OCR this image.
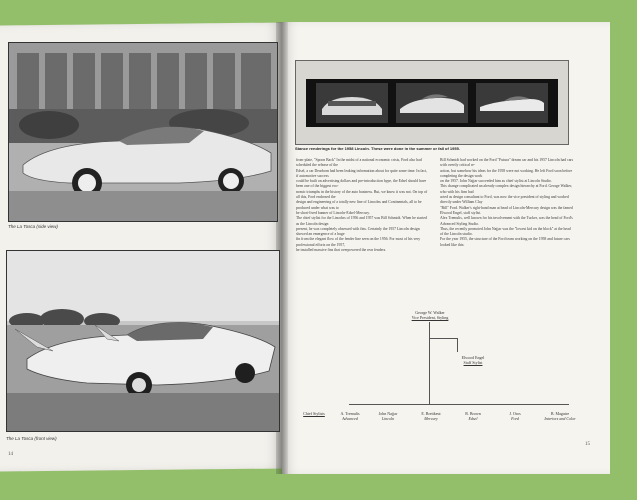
The La Tosca (side view)
The La Tosca (front view)
14
Stance renderings for the 1958 Lincoln. These were done in the summer or fall of 1955.
from-plate, "Spoon Back" In the midst of a national economic crisis, Ford also had scheduled the release of the
Edsel, a car Dearborn had been leaking information about for quite some time. In fact, if automotive success
could be built on advertising dollars and pre-introduction hype, the Edsel should have been one of the biggest eco-
nomic triumphs in the history of the auto business. But, we know it was not. On top of all this, Ford endorsed the
design and engineering of a totally new line of Lincolns and Continentals, all to be produced under what was to
be short-lived banner of Lincoln-Edsel-Mercury.
The chief stylist for the Lincolns of 1956 and 1957 was Bill Schmidt. When he started as the Lincoln design
present, he was completely obsessed with fins. Certainly the 1957 Lincoln design showed an emergence of a huge
fin from the elegant flow of the fender line seen on the 1956. For most of his very professional efforts on the 1957,
he installed massive fins that overpowered the rear fenders.
Bill Schmidt had worked on the Ford "Futura" dream car and his 1957 Lincoln had cars with overtly critical re-
action, but somehow his ideas for the 1958 were not working. He left Ford soon before completing the design work
on the 1957. John Najjar succeeded him as chief stylist at Lincoln Studio.
This change complicated an already complex design hierarchy at Ford. George Walker, who with his firm had
acted as design consultant to Ford, was now the vice president of styling and worked directly under William Clay
"Bill" Ford. Walker's right-hand man at head of Lincoln-Mercury design was the famed Elwood Engel, staff stylist.
Alex Tremulis, well known for his involvement with the Tucker, was the head of Ford's Advanced Styling Studio.
Thus, the recently promoted John Najjar was the "lowest kid on the block" at the head of the Lincoln studio.
For the year 1955, the structure of the Ford team working on the 1958 and future cars looked like this:
George W. Walker
Vice President, Styling
Elwood Engel
Staff Stylist
Chief Stylists	A. Tremulis
Advanced
John Najjar
Lincoln
E. Breitkeut
Mercury
R. Brown
Edsel
J. Oros
Ford
B. Maguire
Interiors and Color
15
